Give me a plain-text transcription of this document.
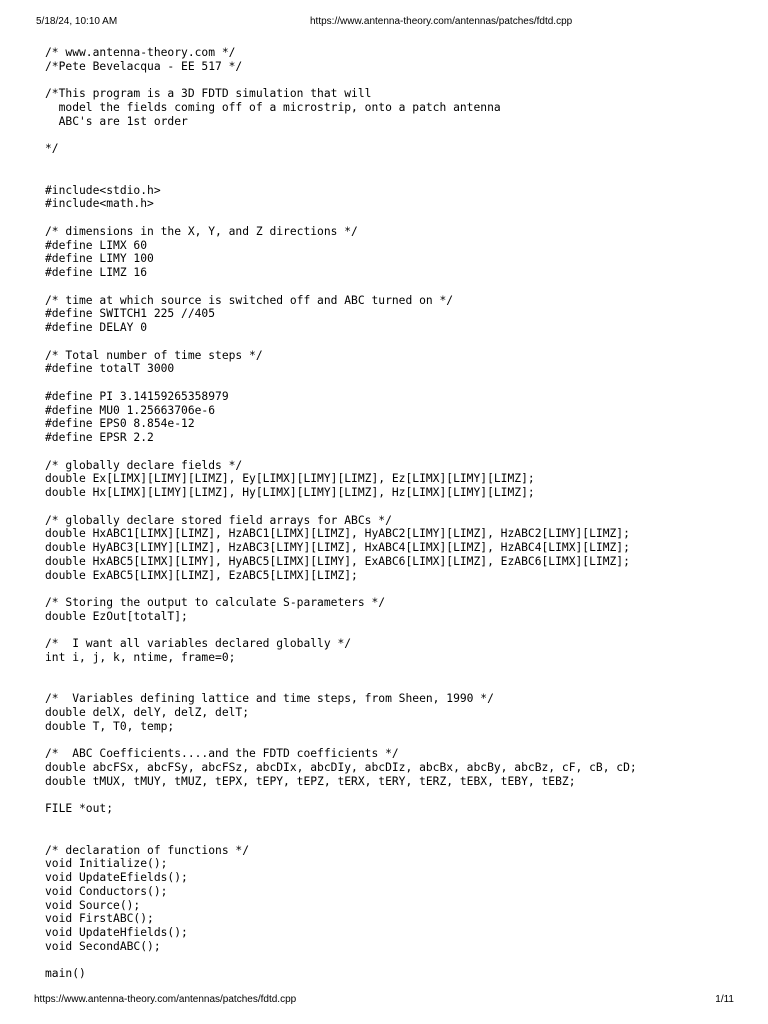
5/18/24, 10:10 AM	https://www.antenna-theory.com/antennas/patches/fdtd.cpp
/* www.antenna-theory.com */
/*Pete Bevelacqua - EE 517 */
/*This program is a 3D FDTD simulation that will
model the fields coming off of a microstrip, onto a patch antenna
ABC's are 1st order
*/
#include<stdio.h>
#include<math.h>
/* dimensions in the X, Y, and Z directions */
#define LIMX 60
#define LIMY 100
#define LIMZ 16
/* time at which source is switched off and ABC turned on */
#define SWITCH1 225 //405
#define DELAY 0
/* Total number of time steps */
#define totalT 3000
#define PI 3.14159265358979
#define MU0 1.25663706e-6
#define EPS0 8.854e-12
#define EPSR 2.2
/* globally declare fields */
double Ex[LIMX][LIMY][LIMZ], Ey[LIMX][LIMY][LIMZ], Ez[LIMX][LIMY][LIMZ];
double Hx[LIMX][LIMY][LIMZ], Hy[LIMX][LIMY][LIMZ], Hz[LIMX][LIMY][LIMZ];
/* globally declare stored field arrays for ABCs */
double HxABC1[LIMX][LIMZ], HzABC1[LIMX][LIMZ], HyABC2[LIMY][LIMZ], HzABC2[LIMY][LIMZ];
double HyABC3[LIMY][LIMZ], HzABC3[LIMY][LIMZ], HxABC4[LIMX][LIMZ], HzABC4[LIMX][LIMZ];
double HxABC5[LIMX][LIMY], HyABC5[LIMX][LIMY], ExABC6[LIMX][LIMZ], EzABC6[LIMX][LIMZ];
double ExABC5[LIMX][LIMZ], EzABC5[LIMX][LIMZ];
/* Storing the output to calculate S-parameters */
double EzOut[totalT];
/*  I want all variables declared globally */
int i, j, k, ntime, frame=0;
/*  Variables defining lattice and time steps, from Sheen, 1990 */
double delX, delY, delZ, delT;
double T, T0, temp;
/*  ABC Coefficients....and the FDTD coefficients */
double abcFSx, abcFSy, abcFSz, abcDIx, abcDIy, abcDIz, abcBx, abcBy, abcBz, cF, cB, cD;
double tMUX, tMUY, tMUZ, tEPX, tEPY, tEPZ, tERX, tERY, tERZ, tEBX, tEBY, tEBZ;
FILE *out;
/* declaration of functions */
void Initialize();
void UpdateEfields();
void Conductors();
void Source();
void FirstABC();
void UpdateHfields();
void SecondABC();
main()
https://www.antenna-theory.com/antennas/patches/fdtd.cpp	1/11
